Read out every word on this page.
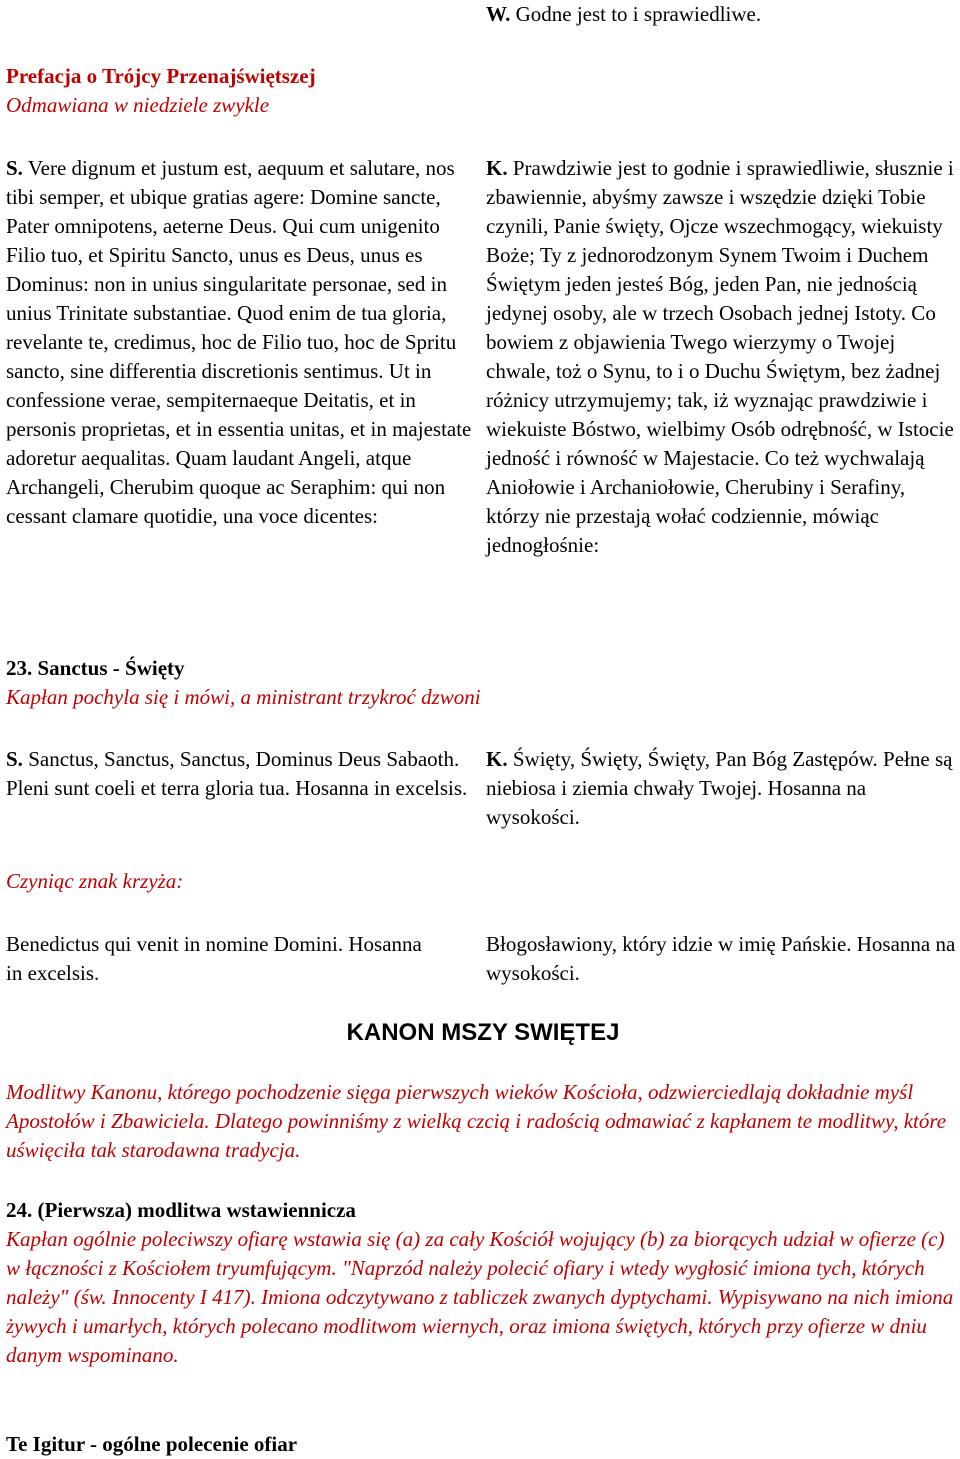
W. Godne jest to i sprawiedliwe.
Prefacja o Trójcy Przenajświętszej
Odmawiana w niedziele zwykle
S. Vere dignum et justum est, aequum et salutare, nos tibi semper, et ubique gratias agere: Domine sancte, Pater omnipotens, aeterne Deus. Qui cum unigenito Filio tuo, et Spiritu Sancto, unus es Deus, unus es Dominus: non in unius singularitate personae, sed in unius Trinitate substantiae. Quod enim de tua gloria, revelante te, credimus, hoc de Filio tuo, hoc de Spritu sancto, sine differentia discretionis sentimus. Ut in confessione verae, sempiternaeque Deitatis, et in personis proprietas, et in essentia unitas, et in majestate adoretur aequalitas. Quam laudant Angeli, atque Archangeli, Cherubim quoque ac Seraphim: qui non cessant clamare quotidie, una voce dicentes:
K. Prawdziwie jest to godnie i sprawiedliwie, słusznie i zbawiennie, abyśmy zawsze i wszędzie dzięki Tobie czynili, Panie święty, Ojcze wszechmogący, wiekuisty Boże; Ty z jednorodzonym Synem Twoim i Duchem Świętym jeden jesteś Bóg, jeden Pan, nie jednością jedynej osoby, ale w trzech Osobach jednej Istoty. Co bowiem z objawienia Twego wierzymy o Twojej chwale, toż o Synu, to i o Duchu Świętym, bez żadnej różnicy utrzymujemy; tak, iż wyznając prawdziwie i wiekuiste Bóstwo, wielbimy Osób odrębność, w Istocie jedność i równość w Majestacie. Co też wychwalają Aniołowie i Archaniołowie, Cherubiny i Serafiny, którzy nie przestają wołać codziennie, mówiąc jednogłośnie:
23. Sanctus - Święty
Kapłan pochyla się i mówi, a ministrant trzykroć dzwoni
S. Sanctus, Sanctus, Sanctus, Dominus Deus Sabaoth. Pleni sunt coeli et terra gloria tua. Hosanna in excelsis.
K. Święty, Święty, Święty, Pan Bóg Zastępów. Pełne są niebiosa i ziemia chwały Twojej. Hosanna na wysokości.
Czyniąc znak krzyża:
Benedictus qui venit in nomine Domini. Hosanna in excelsis.
Błogosławiony, który idzie w imię Pańskie. Hosanna na wysokości.
KANON MSZY SWIĘTEJ
Modlitwy Kanonu, którego pochodzenie sięga pierwszych wieków Kościoła, odzwierciedlają dokładnie myśl Apostołów i Zbawiciela. Dlatego powinniśmy z wielką czcią i radością odmawiać z kapłanem te modlitwy, które uświęciła tak starodawna tradycja.
24. (Pierwsza) modlitwa wstawiennicza
Kapłan ogólnie poleciwszy ofiarę wstawia się (a) za cały Kościół wojujący (b) za biorących udział w ofierze (c) w łączności z Kościołem tryumfującym. "Naprzód należy polecić ofiary i wtedy wygłosić imiona tych, których należy" (św. Innocenty I 417). Imiona odczytywano z tabliczek zwanych dyptychami. Wypisywano na nich imiona żywych i umarłych, których polecano modlitwom wiernych, oraz imiona świętych, których przy ofierze w dniu danym wspominano.
Te Igitur - ogólne polecenie ofiar
